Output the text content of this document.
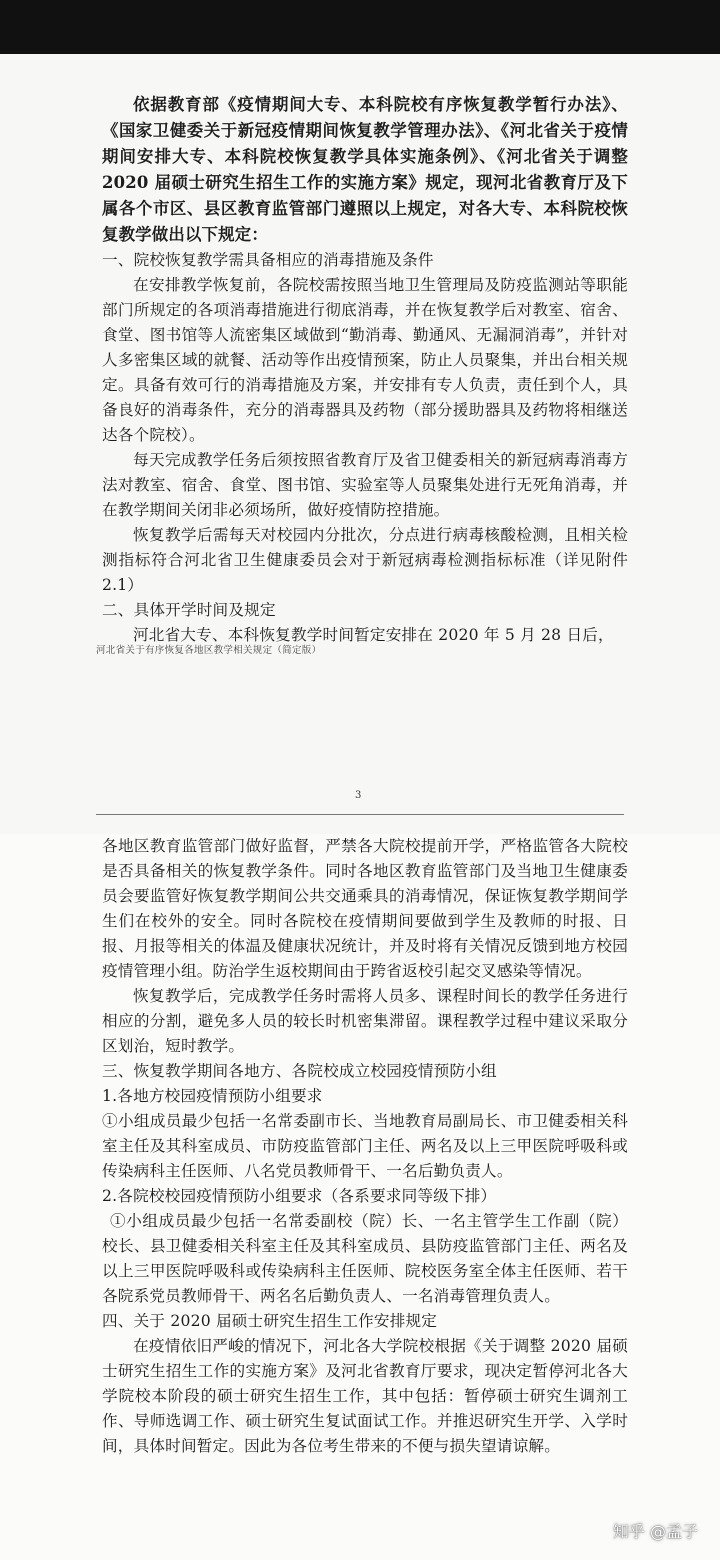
依据教育部《疫情期间大专、本科院校有序恢复教学暂行办法》、《国家卫健委关于新冠疫情期间恢复教学管理办法》、《河北省关于疫情期间安排大专、本科院校恢复教学具体实施条例》、《河北省关于调整 2020 届硕士研究生招生工作的实施方案》规定，现河北省教育厅及下属各个市区、县区教育监管部门遵照以上规定，对各大专、本科院校恢复教学做出以下规定：

一、院校恢复教学需具备相应的消毒措施及条件

在安排教学恢复前，各院校需按照当地卫生管理局及防疫监测站等职能部门所规定的各项消毒措施进行彻底消毒，并在恢复教学后对教室、宿舍、食堂、图书馆等人流密集区域做到“勤消毒、勤通风、无漏洞消毒”，并针对人多密集区域的就餐、活动等作出疫情预案，防止人员聚集，并出台相关规定。具备有效可行的消毒措施及方案，并安排有专人负责，责任到个人，具备良好的消毒条件，充分的消毒器具及药物（部分援助器具及药物将相继送达各个院校）。

每天完成教学任务后须按照省教育厅及省卫健委相关的新冠病毒消毒方法对教室、宿舍、食堂、图书馆、实验室等人员聚集处进行无死角消毒，并在教学期间关闭非必须场所，做好疫情防控措施。

恢复教学后需每天对校园内分批次，分点进行病毒核酸检测，且相关检测指标符合河北省卫生健康委员会对于新冠病毒检测指标标准（详见附件 2.1）

二、具体开学时间及规定

河北省大专、本科恢复教学时间暂定安排在 2020 年 5 月 28 日后，

河北省关于有序恢复各地区教学相关规定（简定版）
3

各地区教育监管部门做好监督，严禁各大院校提前开学，严格监管各大院校是否具备相关的恢复教学条件。同时各地区教育监管部门及当地卫生健康委员会要监管好恢复教学期间公共交通乘具的消毒情况，保证恢复教学期间学生们在校外的安全。同时各院校在疫情期间要做到学生及教师的时报、日报、月报等相关的体温及健康状况统计，并及时将有关情况反馈到地方校园疫情管理小组。防治学生返校期间由于跨省返校引起交叉感染等情况。

恢复教学后，完成教学任务时需将人员多、课程时间长的教学任务进行相应的分割，避免多人员的较长时机密集滞留。课程教学过程中建议采取分区划治，短时教学。

三、恢复教学期间各地方、各院校成立校园疫情预防小组

1.各地方校园疫情预防小组要求

①小组成员最少包括一名常委副市长、当地教育局副局长、市卫健委相关科室主任及其科室成员、市防疫监管部门主任、两名及以上三甲医院呼吸科或传染病科主任医师、八名党员教师骨干、一名后勤负责人。

2.各院校校园疫情预防小组要求（各系要求同等级下排）

①小组成员最少包括一名常委副校（院）长、一名主管学生工作副（院）校长、县卫健委相关科室主任及其科室成员、县防疫监管部门主任、两名及以上三甲医院呼吸科或传染病科主任医师、院校医务室全体主任医师、若干各院系党员教师骨干、两名名后勤负责人、一名消毒管理负责人。

四、关于 2020 届硕士研究生招生工作安排规定

在疫情依旧严峻的情况下，河北各大学院校根据《关于调整 2020 届硕士研究生招生工作的实施方案》及河北省教育厅要求，现决定暂停河北各大学院校本阶段的硕士研究生招生工作，其中包括：暂停硕士研究生调剂工作、导师选调工作、硕士研究生复试面试工作。并推迟研究生开学、入学时间，具体时间暂定。因此为各位考生带来的不便与损失望请谅解。

知乎 @孟子
